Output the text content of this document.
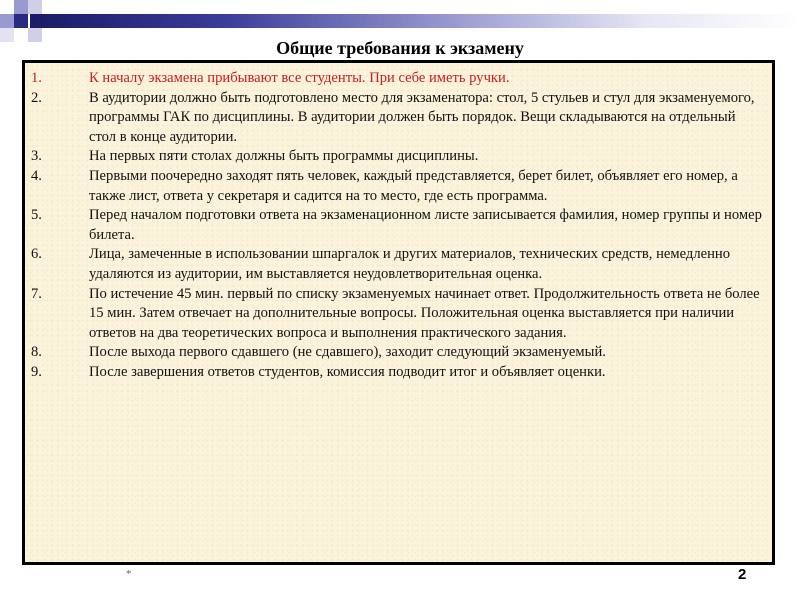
Общие требования к экзамену
1.	К началу экзамена прибывают все студенты. При себе иметь ручки.
2.	В аудитории должно быть подготовлено место для экзаменатора: стол, 5 стульев и стул для экзаменуемого, программы ГАК по дисциплины. В аудитории должен быть порядок. Вещи складываются на отдельный стол в конце аудитории.
3.	На первых пяти столах должны быть программы дисциплины.
4.	Первыми поочередно заходят пять человек, каждый представляется, берет билет, объявляет его номер, а также лист, ответа у секретаря и садится на то место, где есть программа.
5.	Перед началом подготовки ответа на экзаменационном листе записывается фамилия, номер группы и номер билета.
6.	Лица, замеченные в использовании шпаргалок и других материалов, технических средств, немедленно удаляются из аудитории, им выставляется неудовлетворительная оценка.
7.	По истечение 45 мин. первый по списку экзаменуемых начинает ответ. Продолжительность ответа не более 15 мин. Затем отвечает на дополнительные вопросы. Положительная оценка выставляется при наличии ответов на два теоретических вопроса и выполнения практического задания.
8.	После выхода первого сдавшего (не сдавшего), заходит следующий экзаменуемый.
9.	После завершения ответов студентов, комиссия подводит итог и объявляет оценки.
*	2
